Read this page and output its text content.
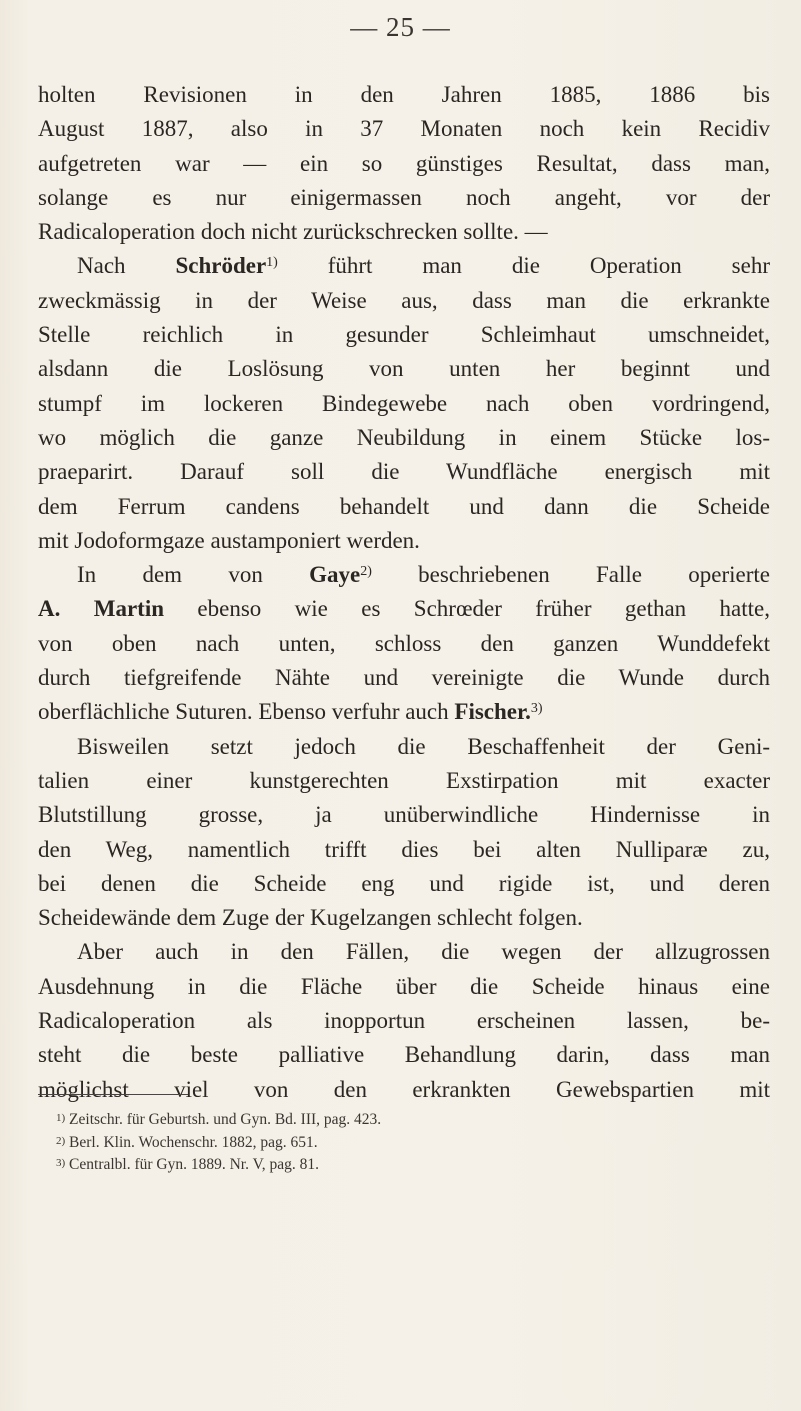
— 25 —
holten Revisionen in den Jahren 1885, 1886 bis
August 1887, also in 37 Monaten noch kein Recidiv
aufgetreten war — ein so günstiges Resultat, dass man,
solange es nur einigermassen noch angeht, vor der
Radicaloperation doch nicht zurückschrecken sollte. —
Nach Schröder$^{1)}$ führt man die Operation sehr
zweckmässig in der Weise aus, dass man die erkrankte
Stelle reichlich in gesunder Schleimhaut umschneidet,
alsdann die Loslösung von unten her beginnt und
stumpf im lockeren Bindegewebe nach oben vordringend,
wo möglich die ganze Neubildung in einem Stücke los-
praeparirt. Darauf soll die Wundfläche energisch mit
dem Ferrum candens behandelt und dann die Scheide
mit Jodoformgaze austamponiert werden.
In dem von Gaye$^{2)}$ beschriebenen Falle operierte
A. Martin ebenso wie es Schrœder früher gethan hatte,
von oben nach unten, schloss den ganzen Wunddefekt
durch tiefgreifende Nähte und vereinigte die Wunde durch
oberflächliche Suturen. Ebenso verfuhr auch Fischer.$^{3)}$
Bisweilen setzt jedoch die Beschaffenheit der Geni-
talien einer kunstgerechten Exstirpation mit exacter
Blutstillung grosse, ja unüberwindliche Hindernisse in
den Weg, namentlich trifft dies bei alten Nulliparæ zu,
bei denen die Scheide eng und rigide ist, und deren
Scheidewände dem Zuge der Kugelzangen schlecht folgen.
Aber auch in den Fällen, die wegen der allzugrossen
Ausdehnung in die Fläche über die Scheide hinaus eine
Radicaloperation als inopportun erscheinen lassen, be-
steht die beste palliative Behandlung darin, dass man
möglichst viel von den erkrankten Gewebspartien mit
$^{1)}$ Zeitschr. für Geburtsh. und Gyn. Bd. III, pag. 423.
$^{2)}$ Berl. Klin. Wochenschr. 1882, pag. 651.
$^{3)}$ Centralbl. für Gyn. 1889. Nr. V, pag. 81.
